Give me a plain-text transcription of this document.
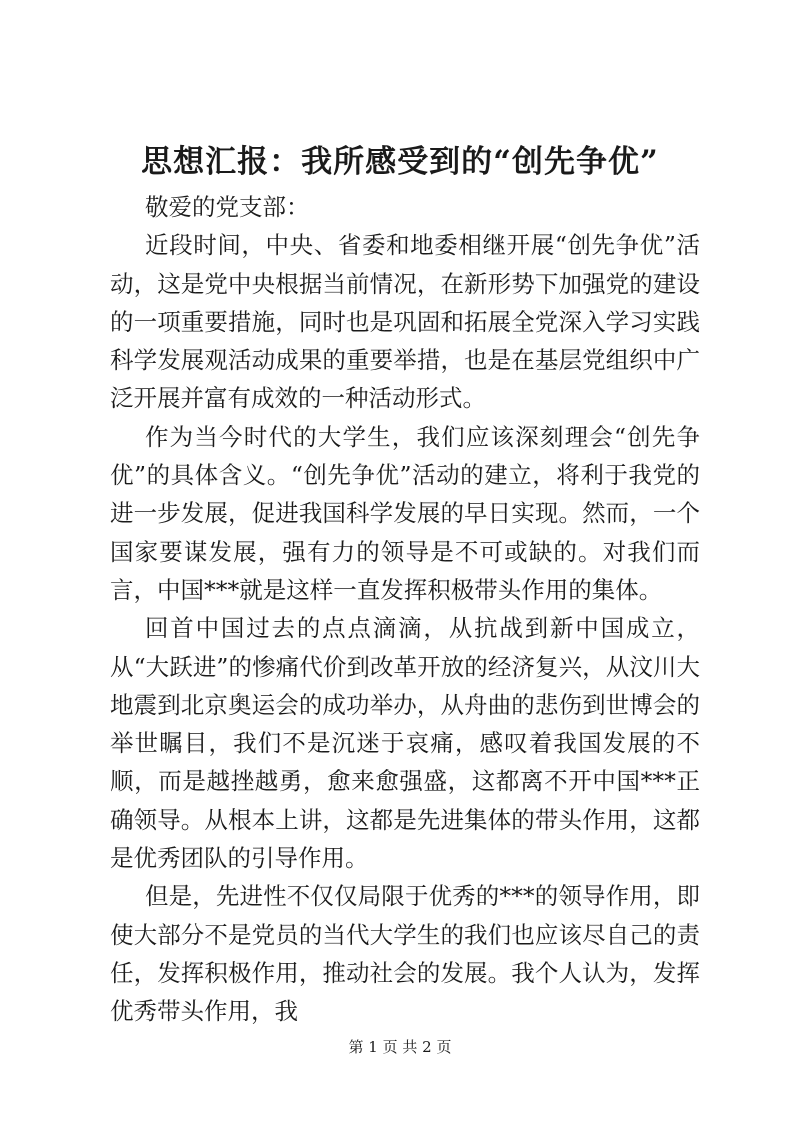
思想汇报：我所感受到的“创先争优”

敬爱的党支部：

近段时间，中央、省委和地委相继开展“创先争优”活动，这是党中央根据当前情况，在新形势下加强党的建设的一项重要措施，同时也是巩固和拓展全党深入学习实践科学发展观活动成果的重要举措，也是在基层党组织中广泛开展并富有成效的一种活动形式。

作为当今时代的大学生，我们应该深刻理会“创先争优”的具体含义。“创先争优”活动的建立，将利于我党的进一步发展，促进我国科学发展的早日实现。然而，一个国家要谋发展，强有力的领导是不可或缺的。对我们而言，中国***就是这样一直发挥积极带头作用的集体。

回首中国过去的点点滴滴，从抗战到新中国成立，从“大跃进”的惨痛代价到改革开放的经济复兴，从汶川大地震到北京奥运会的成功举办，从舟曲的悲伤到世博会的举世瞩目，我们不是沉迷于哀痛，感叹着我国发展的不顺，而是越挫越勇，愈来愈强盛，这都离不开中国***正确领导。从根本上讲，这都是先进集体的带头作用，这都是优秀团队的引导作用。

但是，先进性不仅仅局限于优秀的***的领导作用，即使大部分不是党员的当代大学生的我们也应该尽自己的责任，发挥积极作用，推动社会的发展。我个人认为，发挥优秀带头作用，我

第 1 页 共 2 页
